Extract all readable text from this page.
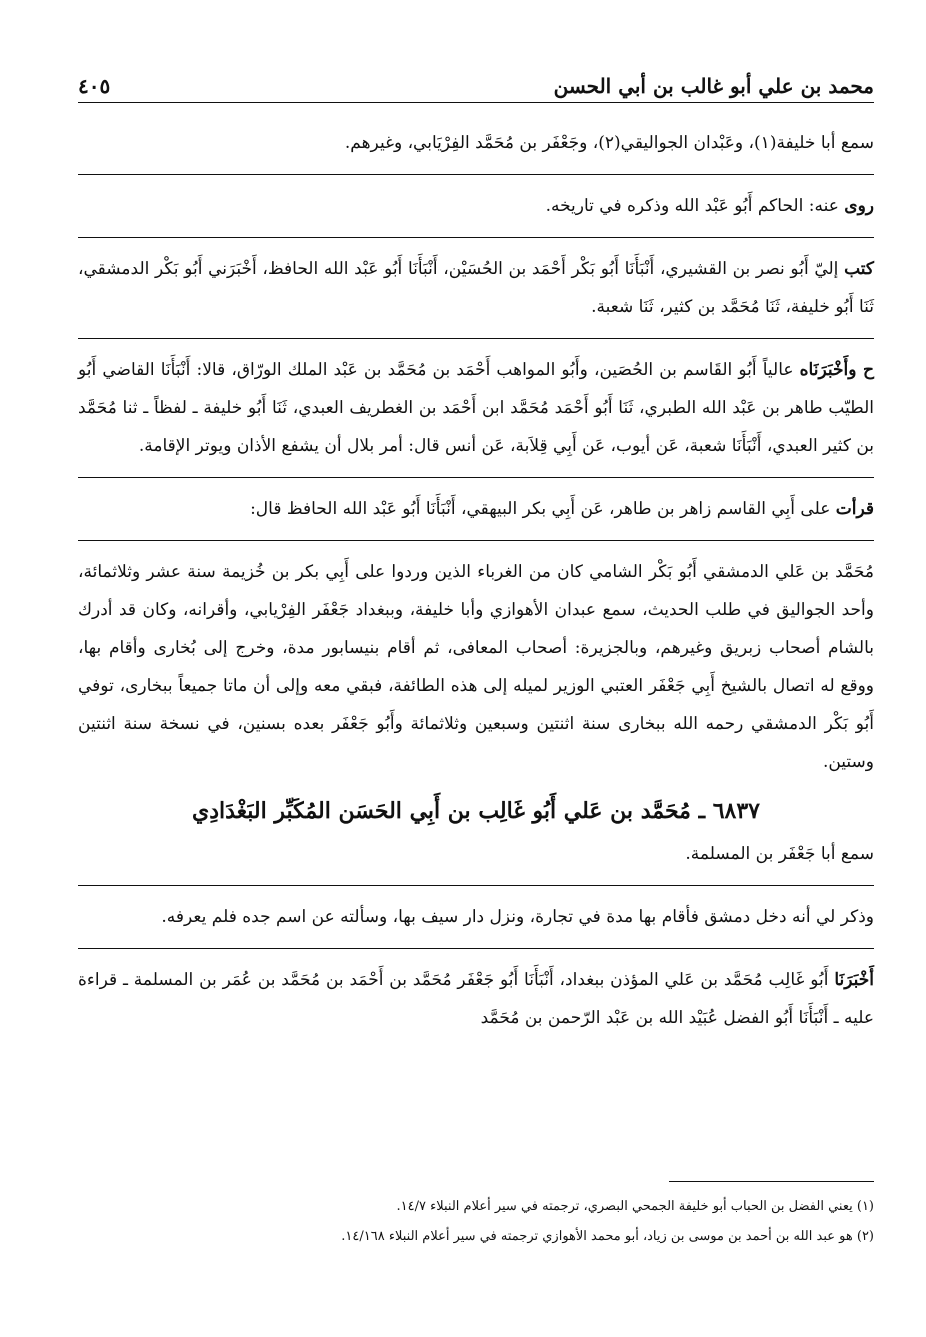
محمد بن علي أبو غالب بن أبي الحسن
٤٠٥

سمع أبا خليفة(١)، وعَبْدان الجواليقي(٢)، وجَعْفَر بن مُحَمَّد الفِرْيَابي، وغيرهم.

روى عنه: الحاكم أَبُو عَبْد الله وذكره في تاريخه.

كتب إليّ أَبُو نصر بن القشيري، أَنْبَأَنَا أَبُو بَكْر أَحْمَد بن الحُسَيْن، أَنْبَأَنَا أَبُو عَبْد الله الحافظ، أَخْبَرَني أَبُو بَكْر الدمشقي، ثَنَا أَبُو خليفة، ثَنَا مُحَمَّد بن كثير، ثَنَا شعبة.

ح وأَخْبَرَنَاه عالياً أَبُو القَاسم بن الحُصَين، وأَبُو المواهب أَحْمَد بن مُحَمَّد بن عَبْد الملك الورّاق، قالا: أَنْبَأَنَا القاضي أَبُو الطيّب طاهر بن عَبْد الله الطبري، ثَنَا أَبُو أَحْمَد مُحَمَّد ابن أَحْمَد بن الغطريف العبدي، ثَنَا أَبُو خليفة ـ لفظاً ـ ثنا مُحَمَّد بن كثير العبدي، أَنْبَأَنَا شعبة، عَن أيوب، عَن أَبِي قِلاَبة، عَن أنس قال: أمر بلال أن يشفع الأذان ويوتر الإقامة.

قرأت على أَبِي القاسم زاهر بن طاهر، عَن أَبِي بكر البيهقي، أَنْبَأَنَا أَبُو عَبْد الله الحافظ قال:

مُحَمَّد بن عَلي الدمشقي أَبُو بَكْر الشامي كان من الغرباء الذين وردوا على أَبِي بكر بن خُزيمة سنة عشر وثلاثمائة، وأحد الجواليق في طلب الحديث، سمع عبدان الأهوازي وأبا خليفة، وببغداد جَعْفَر الفِرْيابي، وأقرانه، وكان قد أدرك بالشام أصحاب زبريق وغيرهم، وبالجزيرة: أصحاب المعافى، ثم أقام بنيسابور مدة، وخرج إلى بُخارى وأقام بها، ووقع له اتصال بالشيخ أَبِي جَعْفَر العتبي الوزير لميله إلى هذه الطائفة، فبقي معه وإلى أن ماتا جميعاً ببخارى، توفي أَبُو بَكْر الدمشقي رحمه الله ببخارى سنة اثنتين وسبعين وثلاثمائة وأَبُو جَعْفَر بعده بسنين، في نسخة سنة اثنتين وستين.

٦٨٣٧ ـ مُحَمَّد بن عَلي أَبُو غَالِب بن أَبِي الحَسَن المُكَبِّر البَغْدَادِي

سمع أبا جَعْفَر بن المسلمة.

وذكر لي أنه دخل دمشق فأقام بها مدة في تجارة، ونزل دار سيف بها، وسألته عن اسم جده فلم يعرفه.

أَخْبَرَنَا أَبُو غَالِب مُحَمَّد بن عَلي المؤذن ببغداد، أَنْبَأَنَا أَبُو جَعْفَر مُحَمَّد بن أَحْمَد بن مُحَمَّد بن عُمَر بن المسلمة ـ قراءة عليه ـ أَنْبَأَنَا أَبُو الفضل عُبَيْد الله بن عَبْد الرّحمن بن مُحَمَّد

(١) يعني الفضل بن الحباب أبو خليفة الجمحي البصري، ترجمته في سير أعلام النبلاء ١٤/٧.

(٢) هو عبد الله بن أحمد بن موسى بن زياد، أبو محمد الأهوازي ترجمته في سير أعلام النبلاء ١٤/١٦٨.
